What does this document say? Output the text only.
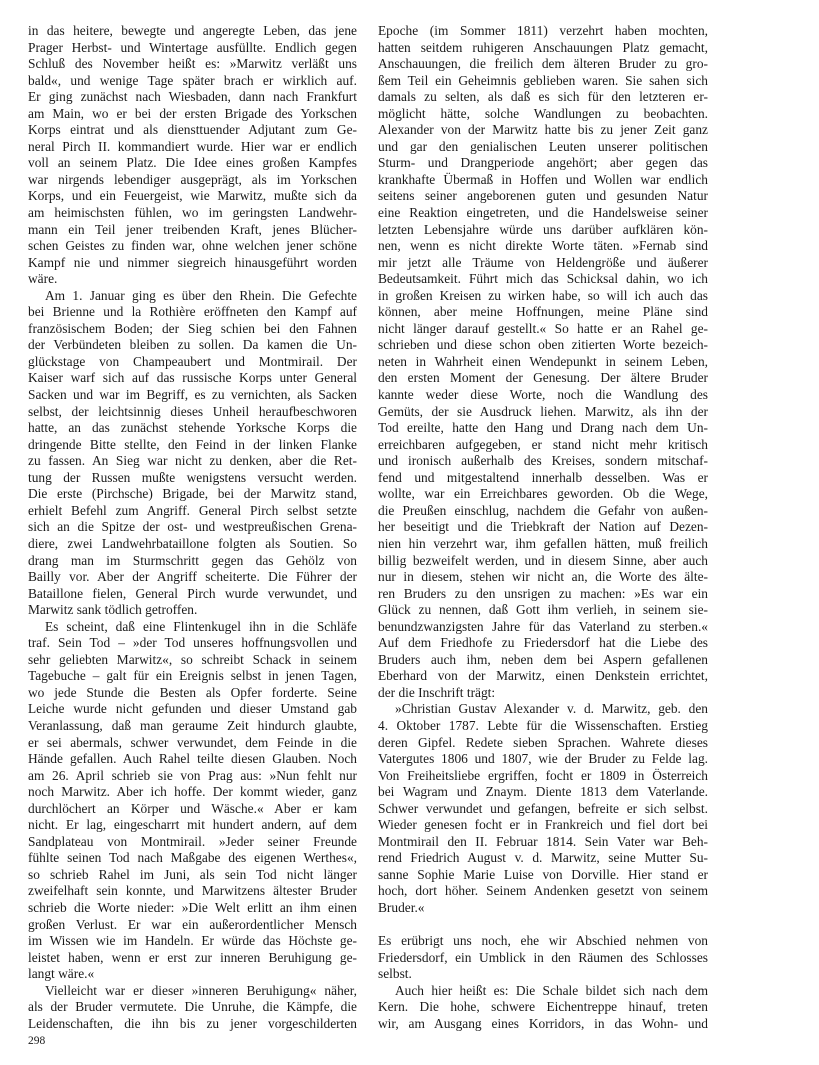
in das heitere, bewegte und angeregte Leben, das jene
Prager Herbst- und Wintertage ausfüllte. Endlich gegen
Schluß des November heißt es: »Marwitz verläßt uns
bald«, und wenige Tage später brach er wirklich auf.
Er ging zunächst nach Wiesbaden, dann nach Frankfurt
am Main, wo er bei der ersten Brigade des Yorkschen
Korps eintrat und als diensttuender Adjutant zum Ge-
neral Pirch II. kommandiert wurde. Hier war er endlich
voll an seinem Platz. Die Idee eines großen Kampfes
war nirgends lebendiger ausgeprägt, als im Yorkschen
Korps, und ein Feuergeist, wie Marwitz, mußte sich da
am heimischsten fühlen, wo im geringsten Landwehr-
mann ein Teil jener treibenden Kraft, jenes Blücher-
schen Geistes zu finden war, ohne welchen jener schöne
Kampf nie und nimmer siegreich hinausgeführt worden
wäre.
Am 1. Januar ging es über den Rhein. Die Gefechte
bei Brienne und la Rothière eröffneten den Kampf auf
französischem Boden; der Sieg schien bei den Fahnen
der Verbündeten bleiben zu sollen. Da kamen die Un-
glückstage von Champeaubert und Montmirail. Der
Kaiser warf sich auf das russische Korps unter General
Sacken und war im Begriff, es zu vernichten, als Sacken
selbst, der leichtsinnig dieses Unheil heraufbeschworen
hatte, an das zunächst stehende Yorksche Korps die
dringende Bitte stellte, den Feind in der linken Flanke
zu fassen. An Sieg war nicht zu denken, aber die Ret-
tung der Russen mußte wenigstens versucht werden.
Die erste (Pirchsche) Brigade, bei der Marwitz stand,
erhielt Befehl zum Angriff. General Pirch selbst setzte
sich an die Spitze der ost- und westpreußischen Grena-
diere, zwei Landwehrbataillone folgten als Soutien. So
drang man im Sturmschritt gegen das Gehölz von
Bailly vor. Aber der Angriff scheiterte. Die Führer der
Bataillone fielen, General Pirch wurde verwundet, und
Marwitz sank tödlich getroffen.
Es scheint, daß eine Flintenkugel ihn in die Schläfe
traf. Sein Tod – »der Tod unseres hoffnungsvollen und
sehr geliebten Marwitz«, so schreibt Schack in seinem
Tagebuche – galt für ein Ereignis selbst in jenen Tagen,
wo jede Stunde die Besten als Opfer forderte. Seine
Leiche wurde nicht gefunden und dieser Umstand gab
Veranlassung, daß man geraume Zeit hindurch glaubte,
er sei abermals, schwer verwundet, dem Feinde in die
Hände gefallen. Auch Rahel teilte diesen Glauben. Noch
am 26. April schrieb sie von Prag aus: »Nun fehlt nur
noch Marwitz. Aber ich hoffe. Der kommt wieder, ganz
durchlöchert an Körper und Wäsche.« Aber er kam
nicht. Er lag, eingescharrt mit hundert andern, auf dem
Sandplateau von Montmirail. »Jeder seiner Freunde
fühlte seinen Tod nach Maßgabe des eigenen Werthes«,
so schrieb Rahel im Juni, als sein Tod nicht länger
zweifelhaft sein konnte, und Marwitzens ältester Bruder
schrieb die Worte nieder: »Die Welt erlitt an ihm einen
großen Verlust. Er war ein außerordentlicher Mensch
im Wissen wie im Handeln. Er würde das Höchste ge-
leistet haben, wenn er erst zur inneren Beruhigung ge-
langt wäre.«
Vielleicht war er dieser »inneren Beruhigung« näher,
als der Bruder vermutete. Die Unruhe, die Kämpfe, die
Leidenschaften, die ihn bis zu jener vorgeschilderten
Epoche (im Sommer 1811) verzehrt haben mochten,
hatten seitdem ruhigeren Anschauungen Platz gemacht,
Anschauungen, die freilich dem älteren Bruder zu gro-
ßem Teil ein Geheimnis geblieben waren. Sie sahen sich
damals zu selten, als daß es sich für den letzteren er-
möglicht hätte, solche Wandlungen zu beobachten.
Alexander von der Marwitz hatte bis zu jener Zeit ganz
und gar den genialischen Leuten unserer politischen
Sturm- und Drangperiode angehört; aber gegen das
krankhafte Übermaß in Hoffen und Wollen war endlich
seitens seiner angeborenen guten und gesunden Natur
eine Reaktion eingetreten, und die Handelsweise seiner
letzten Lebensjahre würde uns darüber aufklären kön-
nen, wenn es nicht direkte Worte täten. »Fernab sind
mir jetzt alle Träume von Heldengröße und äußerer
Bedeutsamkeit. Führt mich das Schicksal dahin, wo ich
in großen Kreisen zu wirken habe, so will ich auch das
können, aber meine Hoffnungen, meine Pläne sind
nicht länger darauf gestellt.« So hatte er an Rahel ge-
schrieben und diese schon oben zitierten Worte bezeich-
neten in Wahrheit einen Wendepunkt in seinem Leben,
den ersten Moment der Genesung. Der ältere Bruder
kannte weder diese Worte, noch die Wandlung des
Gemüts, der sie Ausdruck liehen. Marwitz, als ihn der
Tod ereilte, hatte den Hang und Drang nach dem Un-
erreichbaren aufgegeben, er stand nicht mehr kritisch
und ironisch außerhalb des Kreises, sondern mitschaf-
fend und mitgestaltend innerhalb desselben. Was er
wollte, war ein Erreichbares geworden. Ob die Wege,
die Preußen einschlug, nachdem die Gefahr von außen-
her beseitigt und die Triebkraft der Nation auf Dezen-
nien hin verzehrt war, ihm gefallen hätten, muß freilich
billig bezweifelt werden, und in diesem Sinne, aber auch
nur in diesem, stehen wir nicht an, die Worte des älte-
ren Bruders zu den unsrigen zu machen: »Es war ein
Glück zu nennen, daß Gott ihm verlieh, in seinem sie-
benundzwanzigsten Jahre für das Vaterland zu sterben.«
Auf dem Friedhofe zu Friedersdorf hat die Liebe des
Bruders auch ihm, neben dem bei Aspern gefallenen
Eberhard von der Marwitz, einen Denkstein errichtet,
der die Inschrift trägt:
»Christian Gustav Alexander v. d. Marwitz, geb. den
4. Oktober 1787. Lebte für die Wissenschaften. Erstieg
deren Gipfel. Redete sieben Sprachen. Wahrete dieses
Vatergutes 1806 und 1807, wie der Bruder zu Felde lag.
Von Freiheitsliebe ergriffen, focht er 1809 in Österreich
bei Wagram und Znaym. Diente 1813 dem Vaterlande.
Schwer verwundet und gefangen, befreite er sich selbst.
Wieder genesen focht er in Frankreich und fiel dort bei
Montmirail den II. Februar 1814. Sein Vater war Beh-
rend Friedrich August v. d. Marwitz, seine Mutter Su-
sanne Sophie Marie Luise von Dorville. Hier stand er
hoch, dort höher. Seinem Andenken gesetzt von seinem
Bruder.«
Es erübrigt uns noch, ehe wir Abschied nehmen von
Friedersdorf, ein Umblick in den Räumen des Schlosses
selbst.
Auch hier heißt es: Die Schale bildet sich nach dem
Kern. Die hohe, schwere Eichentreppe hinauf, treten
wir, am Ausgang eines Korridors, in das Wohn- und
298
